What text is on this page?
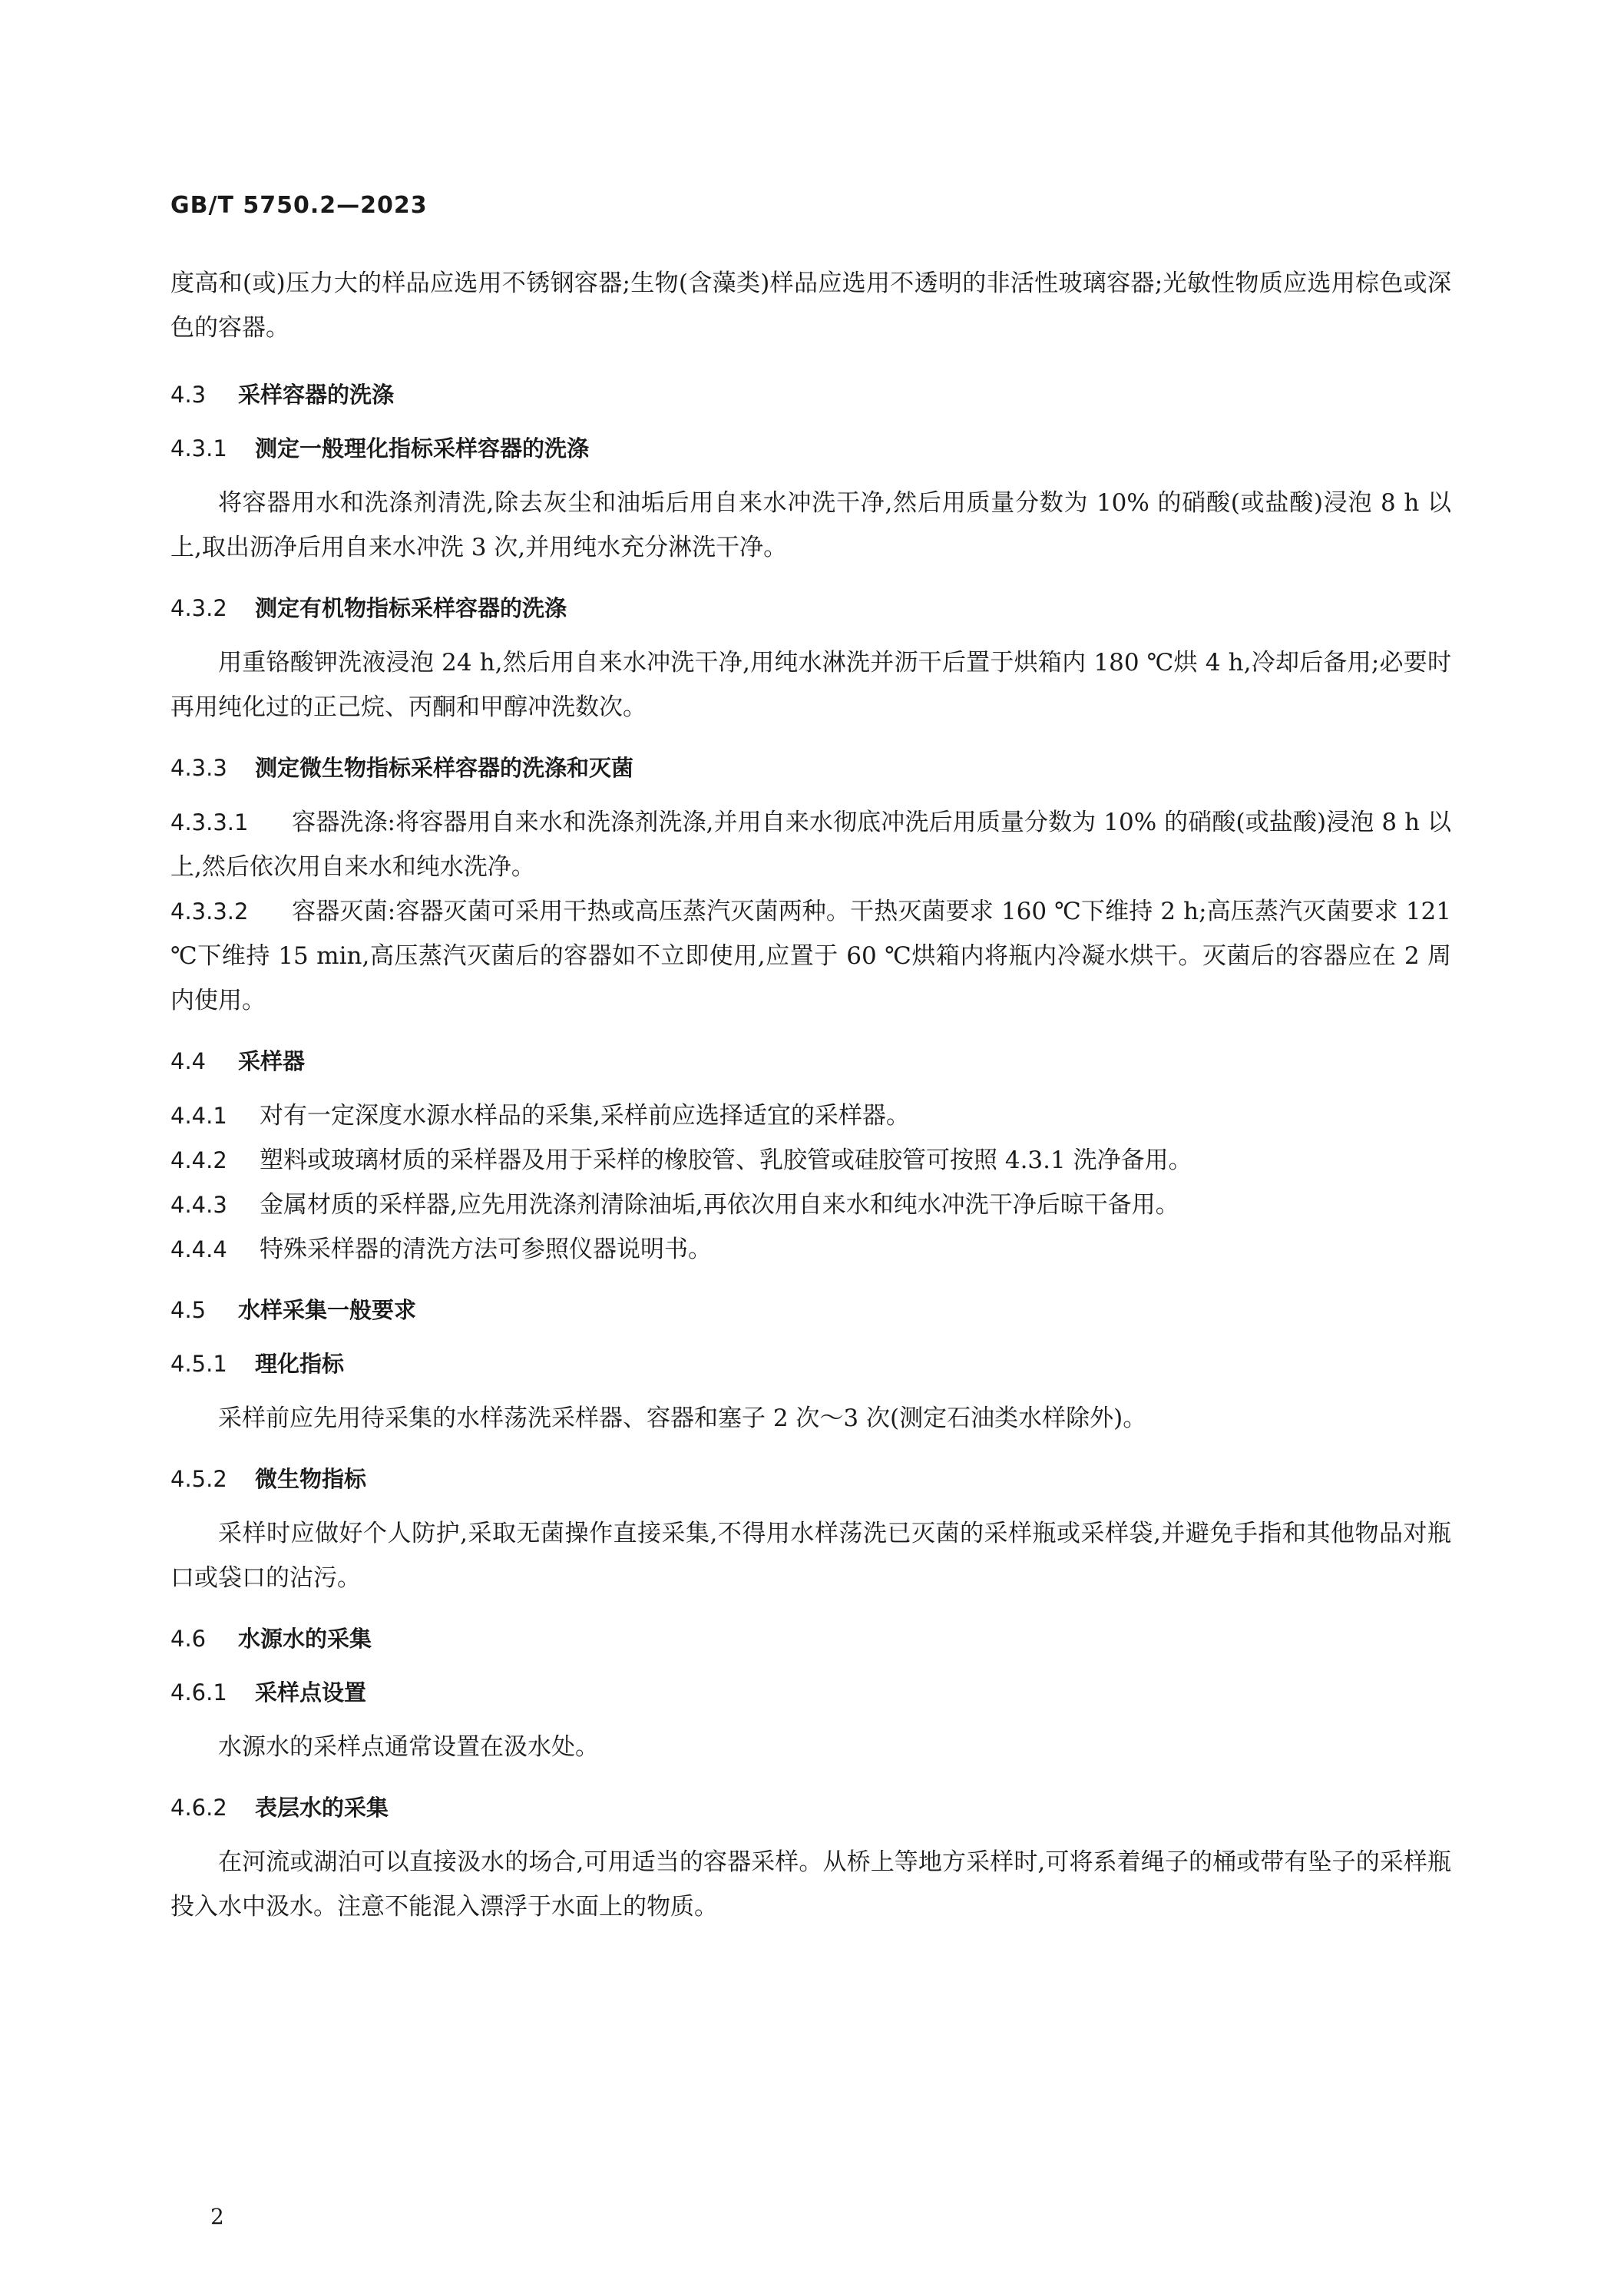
GB/T 5750.2—2023

度高和(或)压力大的样品应选用不锈钢容器;生物(含藻类)样品应选用不透明的非活性玻璃容器;光敏性物质应选用棕色或深色的容器。

4.3 采样容器的洗涤
4.3.1 测定一般理化指标采样容器的洗涤

将容器用水和洗涤剂清洗,除去灰尘和油垢后用自来水冲洗干净,然后用质量分数为 10% 的硝酸(或盐酸)浸泡 8 h 以上,取出沥净后用自来水冲洗 3 次,并用纯水充分淋洗干净。

4.3.2 测定有机物指标采样容器的洗涤

用重铬酸钾洗液浸泡 24 h,然后用自来水冲洗干净,用纯水淋洗并沥干后置于烘箱内 180 ℃烘 4 h,冷却后备用;必要时再用纯化过的正己烷、丙酮和甲醇冲洗数次。

4.3.3 测定微生物指标采样容器的洗涤和灭菌

4.3.3.1 容器洗涤:将容器用自来水和洗涤剂洗涤,并用自来水彻底冲洗后用质量分数为 10% 的硝酸(或盐酸)浸泡 8 h 以上,然后依次用自来水和纯水洗净。

4.3.3.2 容器灭菌:容器灭菌可采用干热或高压蒸汽灭菌两种。干热灭菌要求 160 ℃下维持 2 h;高压蒸汽灭菌要求 121 ℃下维持 15 min,高压蒸汽灭菌后的容器如不立即使用,应置于 60 ℃烘箱内将瓶内冷凝水烘干。灭菌后的容器应在 2 周内使用。

4.4 采样器

4.4.1 对有一定深度水源水样品的采集,采样前应选择适宜的采样器。

4.4.2 塑料或玻璃材质的采样器及用于采样的橡胶管、乳胶管或硅胶管可按照 4.3.1 洗净备用。

4.4.3 金属材质的采样器,应先用洗涤剂清除油垢,再依次用自来水和纯水冲洗干净后晾干备用。

4.4.4 特殊采样器的清洗方法可参照仪器说明书。

4.5 水样采集一般要求
4.5.1 理化指标

采样前应先用待采集的水样荡洗采样器、容器和塞子 2 次～3 次(测定石油类水样除外)。

4.5.2 微生物指标

采样时应做好个人防护,采取无菌操作直接采集,不得用水样荡洗已灭菌的采样瓶或采样袋,并避免手指和其他物品对瓶口或袋口的沾污。

4.6 水源水的采集
4.6.1 采样点设置

水源水的采样点通常设置在汲水处。

4.6.2 表层水的采集

在河流或湖泊可以直接汲水的场合,可用适当的容器采样。从桥上等地方采样时,可将系着绳子的桶或带有坠子的采样瓶投入水中汲水。注意不能混入漂浮于水面上的物质。

2
